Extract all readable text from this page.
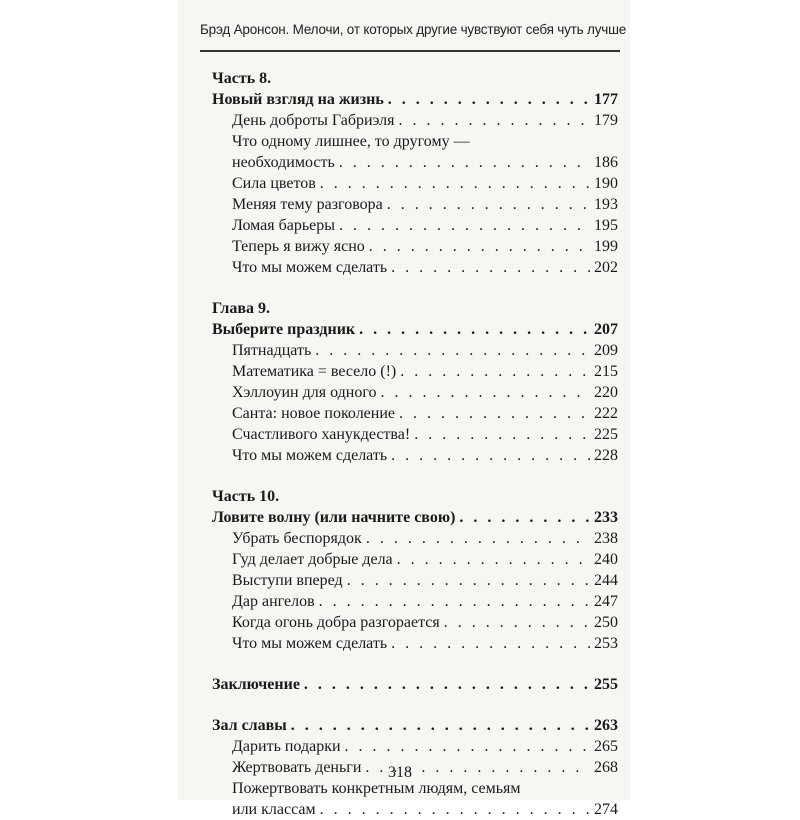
Брэд Аронсон. Мелочи, от которых другие чувствуют себя чуть лучше
Часть 8.
Новый взгляд на жизнь . . .	177
День доброты Габриэля . . .	179
Что одному лишнее, то другому —
необходимость . . .	186
Сила цветов . . .	190
Меняя тему разговора . . .	193
Ломая барьеры . . .	195
Теперь я вижу ясно . . .	199
Что мы можем сделать . . .	202
Глава 9.
Выберите праздник . . .	207
Пятнадцать . . .	209
Математика = весело (!) . . .	215
Хэллоуин для одного . . .	220
Санта: новое поколение . . .	222
Счастливого ханукдества! . . .	225
Что мы можем сделать . . .	228
Часть 10.
Ловите волну (или начните свою) . . .	233
Убрать беспорядок . . .	238
Гуд делает добрые дела . . .	240
Выступи вперед . . .	244
Дар ангелов . . .	247
Когда огонь добра разгорается . . .	250
Что мы можем сделать . . .	253
Заключение . . .	255
Зал славы . . .	263
Дарить подарки . . .	265
Жертвовать деньги . . .	268
Пожертвовать конкретным людям, семьям
или классам . . .	274
318
